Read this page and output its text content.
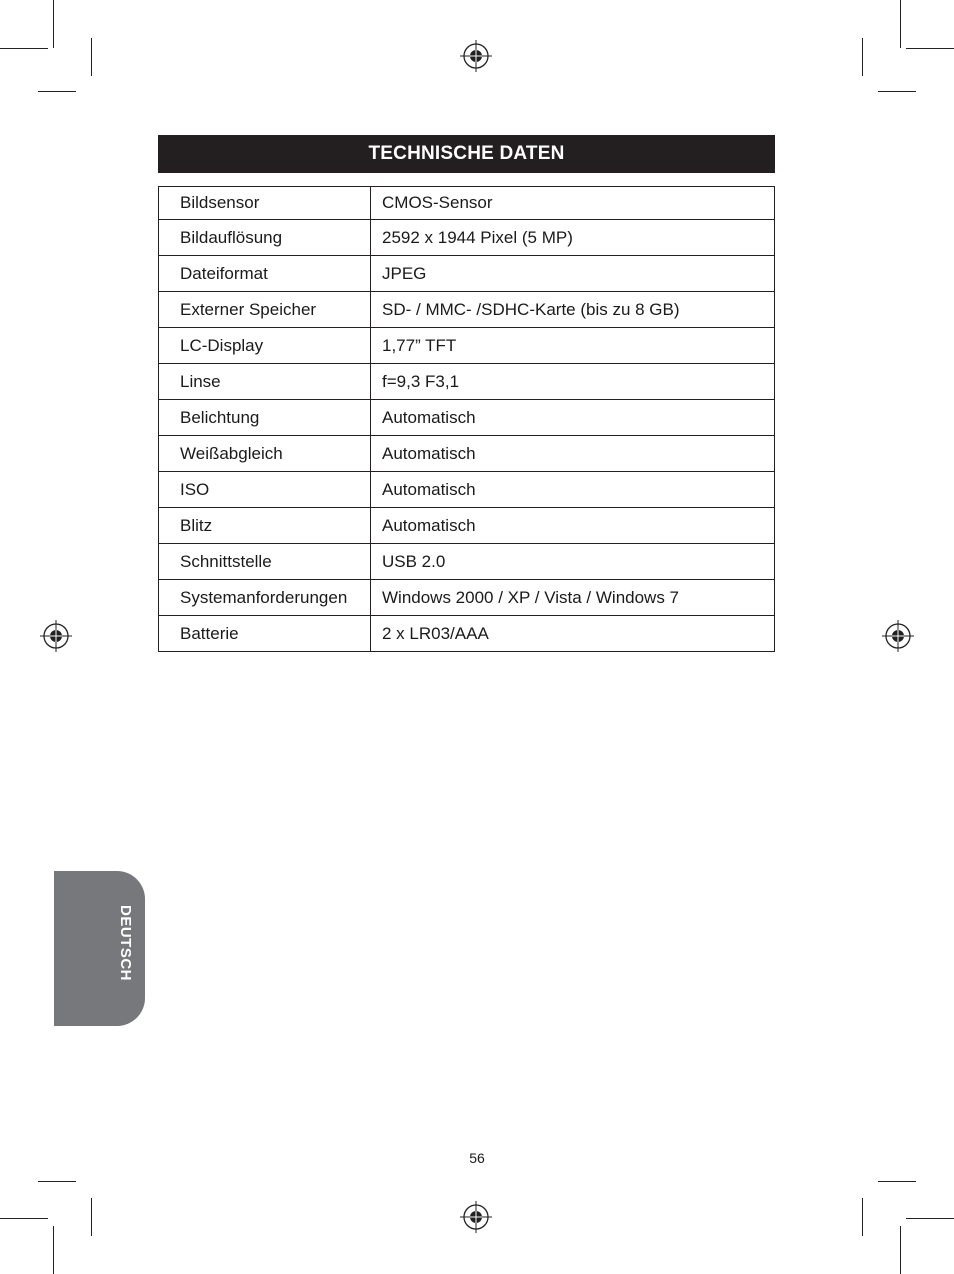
TECHNISCHE DATEN
Bildsensor	CMOS-Sensor
Bildauflösung	2592 x 1944 Pixel (5 MP)
Dateiformat	JPEG
Externer Speicher	SD- / MMC- /SDHC-Karte (bis zu 8 GB)
LC-Display	1,77” TFT
Linse	f=9,3 F3,1
Belichtung	Automatisch
Weißabgleich	Automatisch
ISO	Automatisch
Blitz	Automatisch
Schnittstelle	USB 2.0
Systemanforderungen	Windows 2000 / XP / Vista / Windows 7
Batterie	2 x LR03/AAA
DEUTSCH
56
